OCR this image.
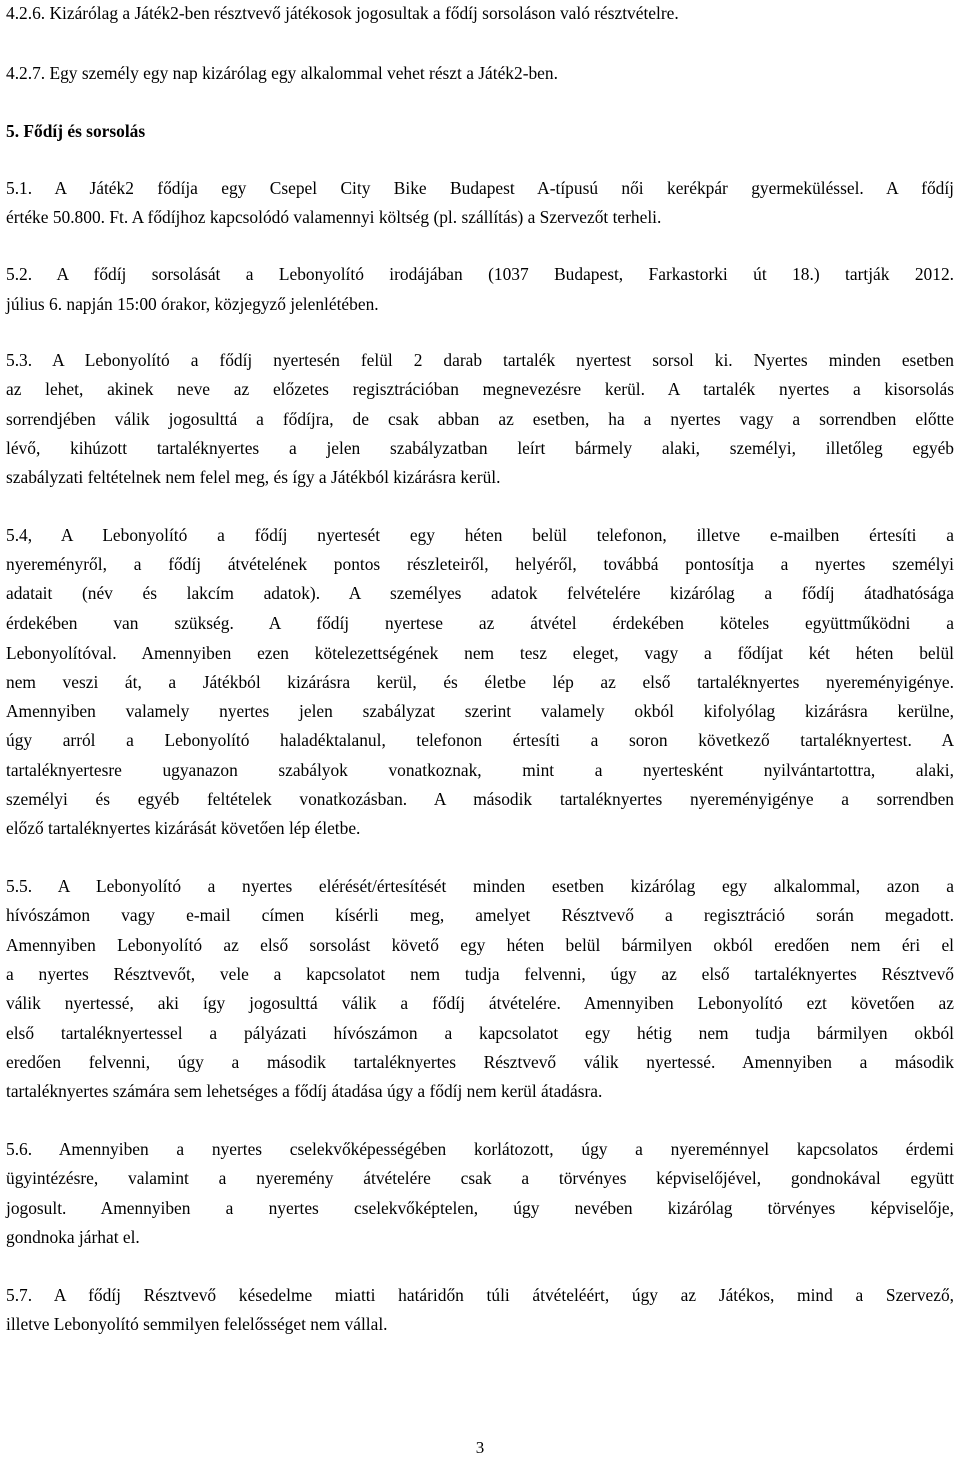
4.2.6. Kizárólag a Játék2-ben résztvevő játékosok jogosultak a fődíj sorsoláson való résztvételre.
4.2.7. Egy személy egy nap kizárólag egy alkalommal vehet részt a Játék2-ben.
5. Fődíj és sorsolás
5.1. A Játék2 fődíja egy Csepel City Bike Budapest A-típusú női kerékpár gyermeküléssel. A fődíj
értéke 50.800. Ft. A fődíjhoz kapcsolódó valamennyi költség (pl. szállítás) a Szervezőt terheli.
5.2. A fődíj sorsolását a Lebonyolító irodájában (1037 Budapest, Farkastorki út 18.) tartják 2012.
július 6. napján 15:00 órakor, közjegyző jelenlétében.
5.3. A Lebonyolító a fődíj nyertesén felül 2 darab tartalék nyertest sorsol ki. Nyertes minden esetben
az lehet, akinek neve az előzetes regisztrációban megnevezésre kerül. A tartalék nyertes a kisorsolás
sorrendjében válik jogosulttá a fődíjra, de csak abban az esetben, ha a nyertes vagy a sorrendben előtte
lévő, kihúzott tartaléknyertes a jelen szabályzatban leírt bármely alaki, személyi, illetőleg egyéb
szabályzati feltételnek nem felel meg, és így a Játékból kizárásra kerül.
5.4, A Lebonyolító a fődíj nyertesét egy héten belül telefonon, illetve e-mailben értesíti a
nyereményről, a fődíj átvételének pontos részleteiről, helyéről, továbbá pontosítja a nyertes személyi
adatait (név és lakcím adatok). A személyes adatok felvételére kizárólag a fődíj átadhatósága
érdekében van szükség. A fődíj nyertese az átvétel érdekében köteles együttműködni a
Lebonyolítóval. Amennyiben ezen kötelezettségének nem tesz eleget, vagy a fődíjat két héten belül
nem veszi át, a Játékból kizárásra kerül, és életbe lép az első tartaléknyertes nyereményigénye.
Amennyiben valamely nyertes jelen szabályzat szerint valamely okból kifolyólag kizárásra kerülne,
úgy arról a Lebonyolító haladéktalanul, telefonon értesíti a soron következő tartaléknyertest. A
tartaléknyertesre ugyanazon szabályok vonatkoznak, mint a nyertesként nyilvántartottra, alaki,
személyi és egyéb feltételek vonatkozásban. A második tartaléknyertes nyereményigénye a sorrendben
előző tartaléknyertes kizárását követően lép életbe.
5.5. A Lebonyolító a nyertes elérését/értesítését minden esetben kizárólag egy alkalommal, azon a
hívószámon vagy e-mail címen kísérli meg, amelyet Résztvevő a regisztráció során megadott.
Amennyiben Lebonyolító az első sorsolást követő egy héten belül bármilyen okból eredően nem éri el
a nyertes Résztvevőt, vele a kapcsolatot nem tudja felvenni, úgy az első tartaléknyertes Résztvevő
válik nyertessé, aki így jogosulttá válik a fődíj átvételére. Amennyiben Lebonyolító ezt követően az
első tartaléknyertessel a pályázati hívószámon a kapcsolatot egy hétig nem tudja bármilyen okból
eredően felvenni, úgy a második tartaléknyertes Résztvevő válik nyertessé. Amennyiben a második
tartaléknyertes számára sem lehetséges a fődíj átadása úgy a fődíj nem kerül átadásra.
5.6. Amennyiben a nyertes cselekvőképességében korlátozott, úgy a nyereménnyel kapcsolatos érdemi
ügyintézésre, valamint a nyeremény átvételére csak a törvényes képviselőjével, gondnokával együtt
jogosult. Amennyiben a nyertes cselekvőképtelen, úgy nevében kizárólag törvényes képviselője,
gondnoka járhat el.
5.7. A fődíj Résztvevő késedelme miatti határidőn túli átvételéért, úgy az Játékos, mind a Szervező,
illetve Lebonyolító semmilyen felelősséget nem vállal.
3
